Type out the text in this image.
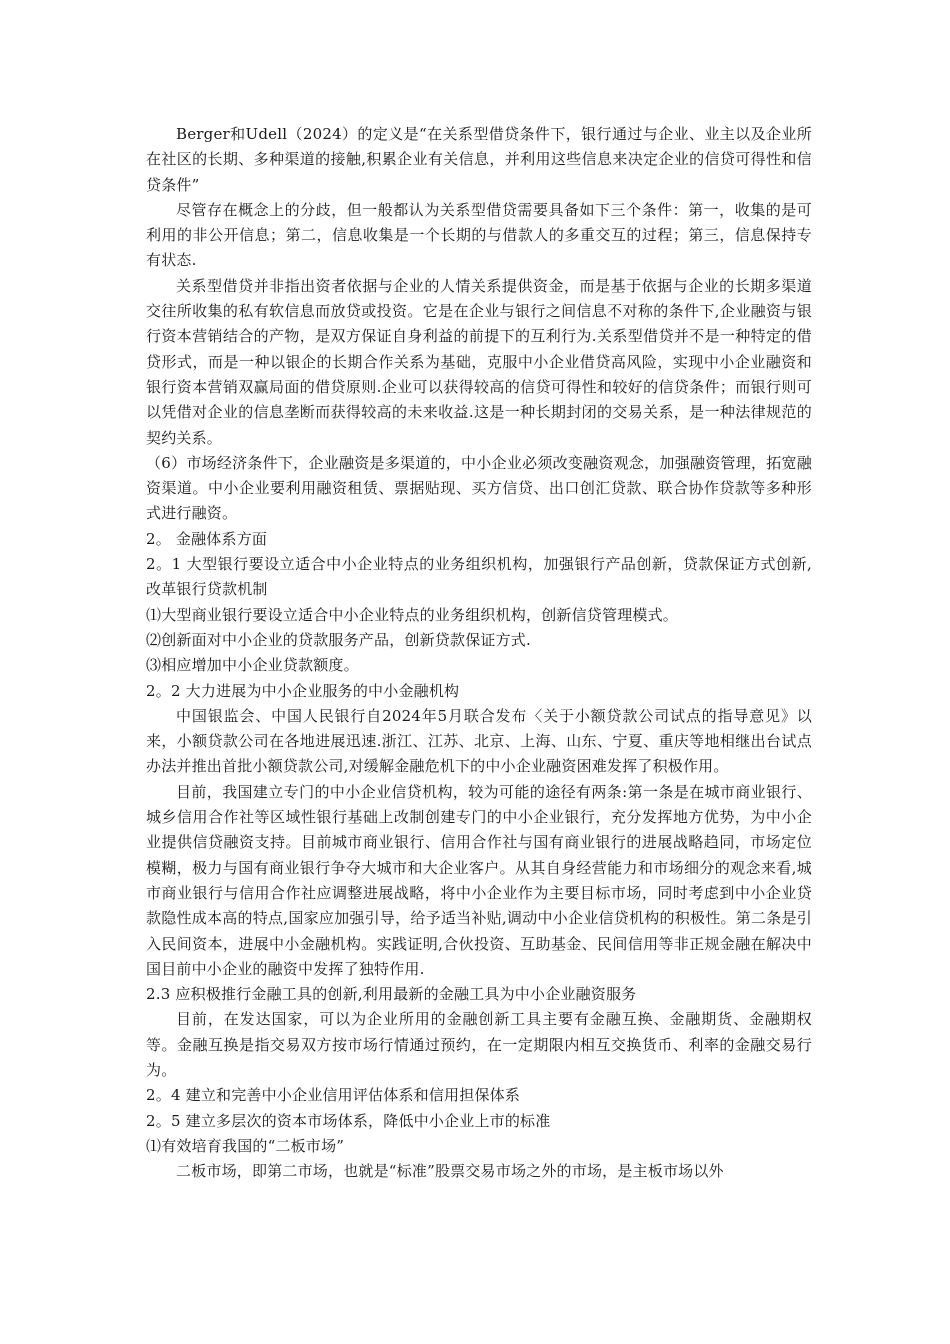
Berger和Udell（2024）的定义是“在关系型借贷条件下，银行通过与企业、业主以及企业所在社区的长期、多种渠道的接触,积累企业有关信息，并利用这些信息来决定企业的信贷可得性和信贷条件”

尽管存在概念上的分歧，但一般都认为关系型借贷需要具备如下三个条件：第一，收集的是可利用的非公开信息；第二，信息收集是一个长期的与借款人的多重交互的过程；第三，信息保持专有状态.

关系型借贷并非指出资者依据与企业的人情关系提供资金，而是基于依据与企业的长期多渠道交往所收集的私有软信息而放贷或投资。它是在企业与银行之间信息不对称的条件下,企业融资与银行资本营销结合的产物，是双方保证自身利益的前提下的互利行为.关系型借贷并不是一种特定的借贷形式，而是一种以银企的长期合作关系为基础，克服中小企业借贷高风险，实现中小企业融资和银行资本营销双赢局面的借贷原则.企业可以获得较高的信贷可得性和较好的信贷条件；而银行则可以凭借对企业的信息垄断而获得较高的未来收益.这是一种长期封闭的交易关系，是一种法律规范的契约关系。

（6）市场经济条件下，企业融资是多渠道的，中小企业必须改变融资观念，加强融资管理，拓宽融资渠道。中小企业要利用融资租赁、票据贴现、买方信贷、出口创汇贷款、联合协作贷款等多种形式进行融资。

2。 金融体系方面

2。1 大型银行要设立适合中小企业特点的业务组织机构，加强银行产品创新，贷款保证方式创新,改革银行贷款机制

⑴大型商业银行要设立适合中小企业特点的业务组织机构，创新信贷管理模式。

⑵创新面对中小企业的贷款服务产品，创新贷款保证方式.

⑶相应增加中小企业贷款额度。

2。2 大力进展为中小企业服务的中小金融机构

中国银监会、中国人民银行自2024年5月联合发布〈关于小额贷款公司试点的指导意见》以来，小额贷款公司在各地进展迅速.浙江、江苏、北京、上海、山东、宁夏、重庆等地相继出台试点办法并推出首批小额贷款公司,对缓解金融危机下的中小企业融资困难发挥了积极作用。

目前，我国建立专门的中小企业信贷机构，较为可能的途径有两条:第一条是在城市商业银行、城乡信用合作社等区域性银行基础上改制创建专门的中小企业银行，充分发挥地方优势，为中小企业提供信贷融资支持。目前城市商业银行、信用合作社与国有商业银行的进展战略趋同，市场定位模糊，极力与国有商业银行争夺大城市和大企业客户。从其自身经营能力和市场细分的观念来看,城市商业银行与信用合作社应调整进展战略，将中小企业作为主要目标市场，同时考虑到中小企业贷款隐性成本高的特点,国家应加强引导，给予适当补贴,调动中小企业信贷机构的积极性。第二条是引入民间资本，进展中小金融机构。实践证明,合伙投资、互助基金、民间信用等非正规金融在解决中国目前中小企业的融资中发挥了独特作用.

2.3 应积极推行金融工具的创新,利用最新的金融工具为中小企业融资服务

目前，在发达国家，可以为企业所用的金融创新工具主要有金融互换、金融期货、金融期权等。金融互换是指交易双方按市场行情通过预约，在一定期限内相互交换货币、利率的金融交易行为。

2。4 建立和完善中小企业信用评估体系和信用担保体系

2。5 建立多层次的资本市场体系，降低中小企业上市的标准

⑴有效培育我国的“二板市场”

二板市场，即第二市场，也就是“标准”股票交易市场之外的市场，是主板市场以外
